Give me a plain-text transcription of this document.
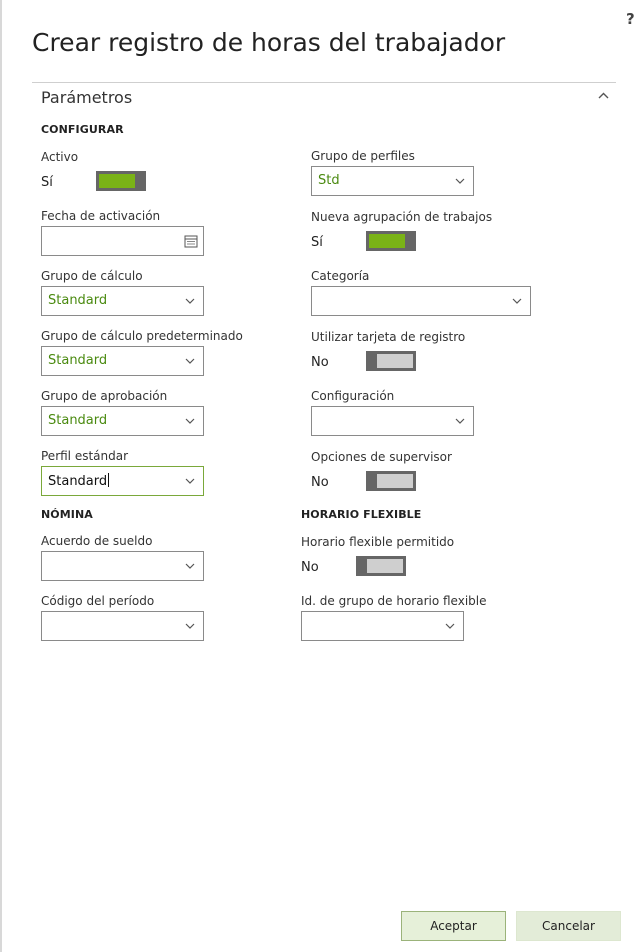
?
Crear registro de horas del trabajador
Parámetros
CONFIGURAR
Activo
Sí
Fecha de activación
Grupo de cálculo
Standard
Grupo de cálculo predeterminado
Standard
Grupo de aprobación
Standard
Perfil estándar
Standard
Grupo de perfiles
Std
Nueva agrupación de trabajos
Sí
Categoría
Utilizar tarjeta de registro
No
Configuración
Opciones de supervisor
No
NÓMINA
Acuerdo de sueldo
Código del período
HORARIO FLEXIBLE
Horario flexible permitido
No
Id. de grupo de horario flexible
Aceptar	Cancelar
